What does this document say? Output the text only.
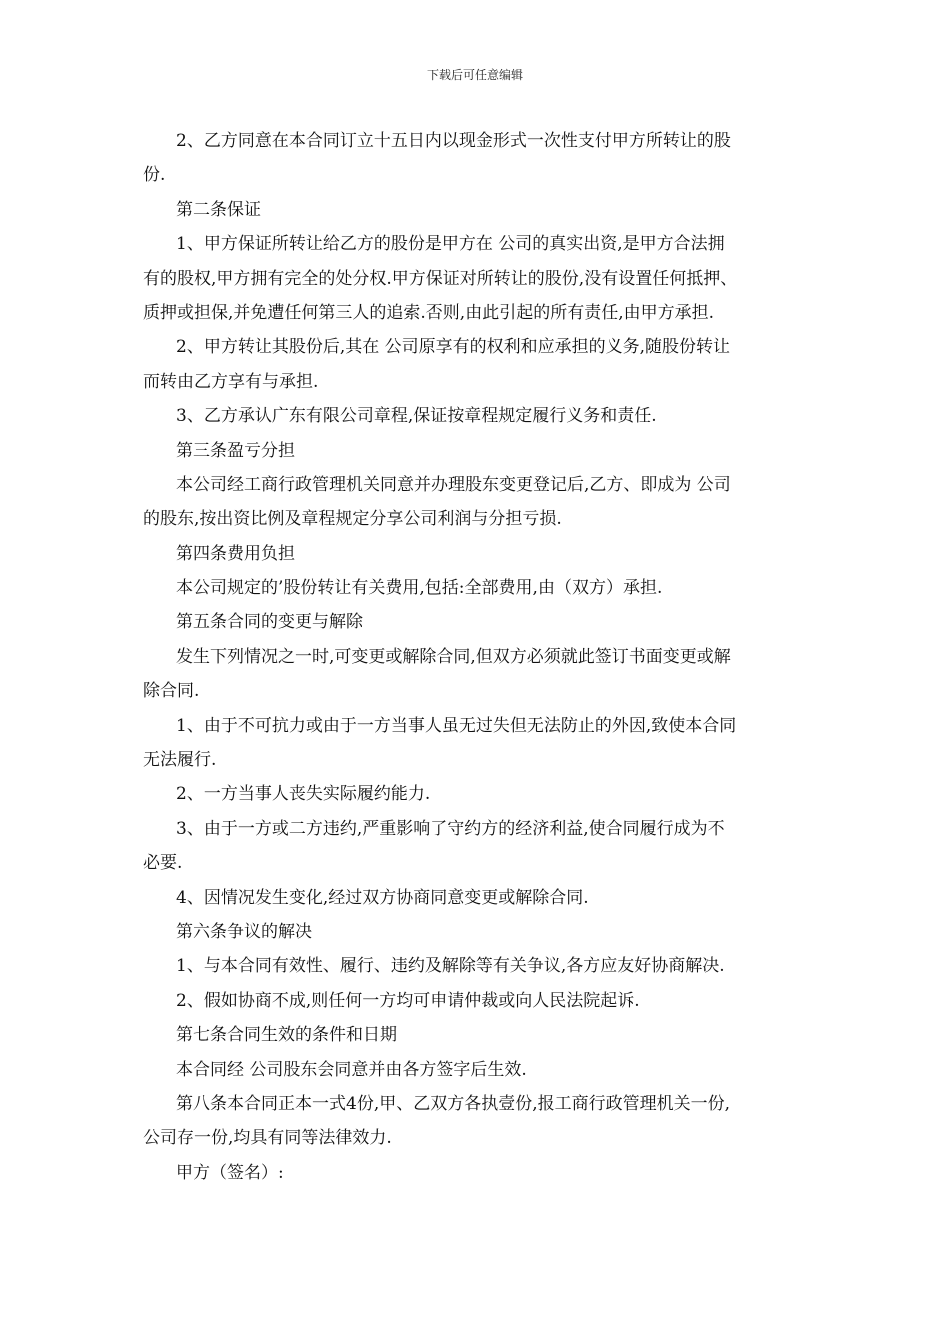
下载后可任意编辑
2、乙方同意在本合同订立十五日内以现金形式一次性支付甲方所转让的股
份.
第二条保证
1、甲方保证所转让给乙方的股份是甲方在 公司的真实出资,是甲方合法拥
有的股权,甲方拥有完全的处分权.甲方保证对所转让的股份,没有设置任何抵押、
质押或担保,并免遭任何第三人的追索.否则,由此引起的所有责任,由甲方承担.
2、甲方转让其股份后,其在 公司原享有的权利和应承担的义务,随股份转让
而转由乙方享有与承担.
3、乙方承认广东有限公司章程,保证按章程规定履行义务和责任.
第三条盈亏分担
本公司经工商行政管理机关同意并办理股东变更登记后,乙方、即成为 公司
的股东,按出资比例及章程规定分享公司利润与分担亏损.
第四条费用负担
本公司规定的’股份转让有关费用,包括:全部费用,由（双方）承担.
第五条合同的变更与解除
发生下列情况之一时,可变更或解除合同,但双方必须就此签订书面变更或解
除合同.
1、由于不可抗力或由于一方当事人虽无过失但无法防止的外因,致使本合同
无法履行.
2、一方当事人丧失实际履约能力.
3、由于一方或二方违约,严重影响了守约方的经济利益,使合同履行成为不
必要.
4、因情况发生变化,经过双方协商同意变更或解除合同.
第六条争议的解决
1、与本合同有效性、履行、违约及解除等有关争议,各方应友好协商解决.
2、假如协商不成,则任何一方均可申请仲裁或向人民法院起诉.
第七条合同生效的条件和日期
本合同经 公司股东会同意并由各方签字后生效.
第八条本合同正本一式4份,甲、乙双方各执壹份,报工商行政管理机关一份,
公司存一份,均具有同等法律效力.
甲方（签名）:
